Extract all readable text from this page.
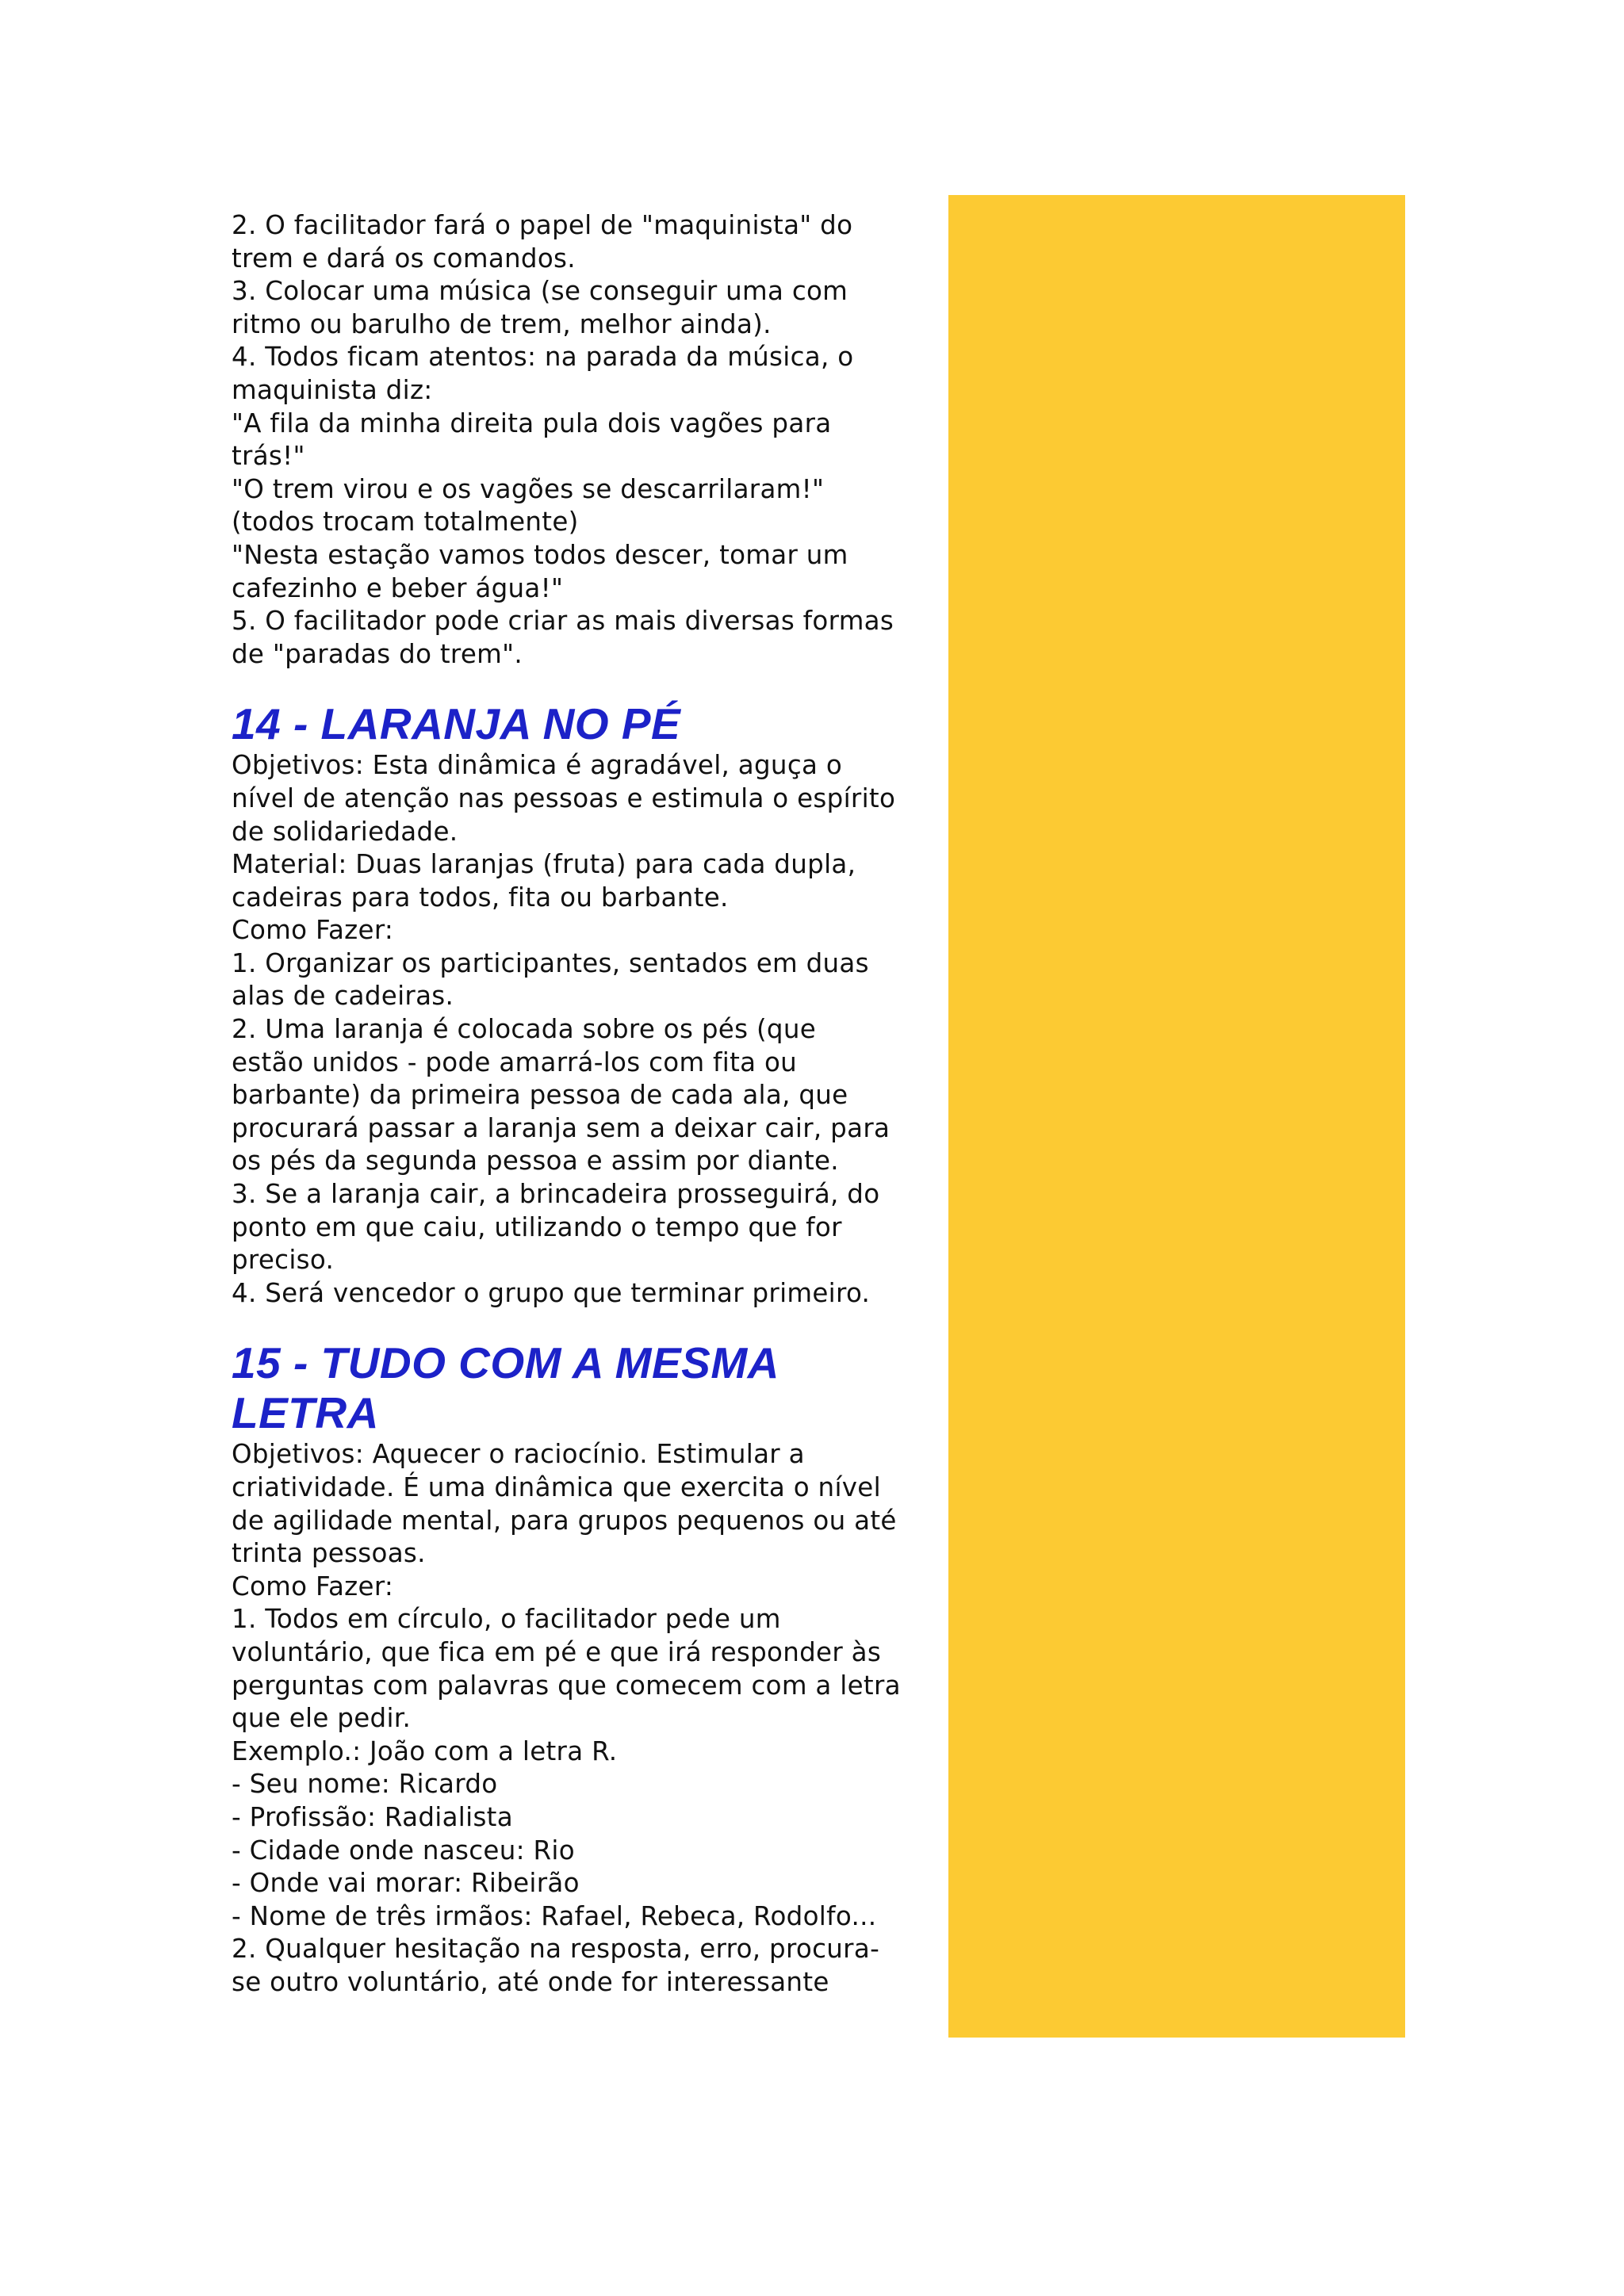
2. O facilitador fará o papel de "maquinista" do
trem e dará os comandos.
3. Colocar uma música (se conseguir uma com
ritmo ou barulho de trem, melhor ainda).
4. Todos ficam atentos: na parada da música, o
maquinista diz:
"A fila da minha direita pula dois vagões para
trás!"
"O trem virou e os vagões se descarrilaram!"
(todos trocam totalmente)
"Nesta estação vamos todos descer, tomar um
cafezinho e beber água!"
5. O facilitador pode criar as mais diversas formas
de "paradas do trem".
14 - LARANJA NO PÉ
Objetivos: Esta dinâmica é agradável, aguça o
nível de atenção nas pessoas e estimula o espírito
de solidariedade.
Material: Duas laranjas (fruta) para cada dupla,
cadeiras para todos, fita ou barbante.
Como Fazer:
1. Organizar os participantes, sentados em duas
alas de cadeiras.
2. Uma laranja é colocada sobre os pés (que
estão unidos - pode amarrá-los com fita ou
barbante) da primeira pessoa de cada ala, que
procurará passar a laranja sem a deixar cair, para
os pés da segunda pessoa e assim por diante.
3. Se a laranja cair, a brincadeira prosseguirá, do
ponto em que caiu, utilizando o tempo que for
preciso.
4. Será vencedor o grupo que terminar primeiro.
15 - TUDO COM A MESMA
LETRA
Objetivos: Aquecer o raciocínio. Estimular a
criatividade. É uma dinâmica que exercita o nível
de agilidade mental, para grupos pequenos ou até
trinta pessoas.
Como Fazer:
1. Todos em círculo, o facilitador pede um
voluntário, que fica em pé e que irá responder às
perguntas com palavras que comecem com a letra
que ele pedir.
Exemplo.: João com a letra R.
- Seu nome: Ricardo
- Profissão: Radialista
- Cidade onde nasceu: Rio
- Onde vai morar: Ribeirão
- Nome de três irmãos: Rafael, Rebeca, Rodolfo...
2. Qualquer hesitação na resposta, erro, procura-
se outro voluntário, até onde for interessante
